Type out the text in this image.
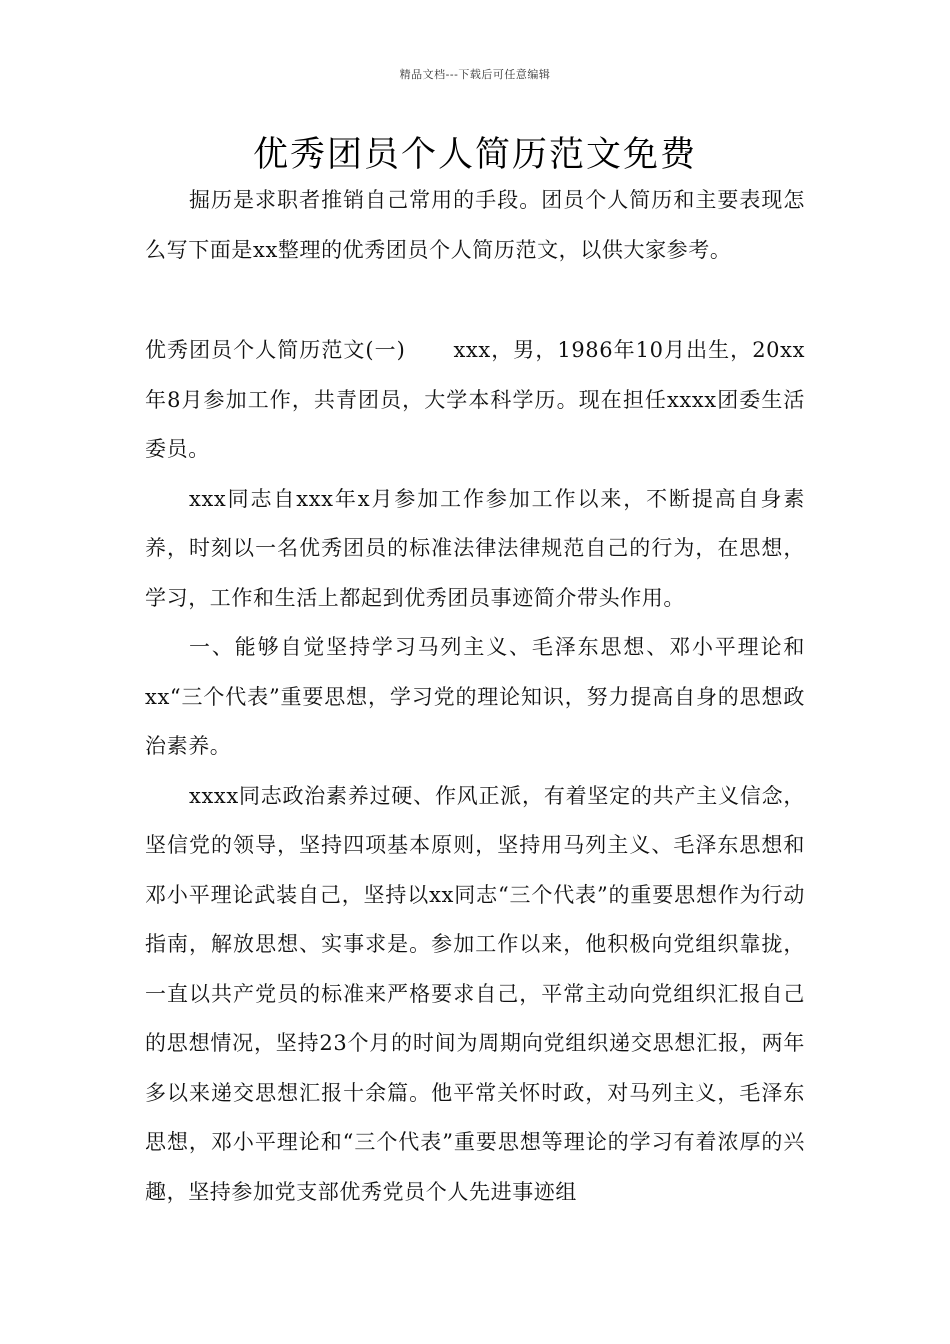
精品文档---下载后可任意编辑
优秀团员个人简历范文免费

掘历是求职者推销自己常用的手段。团员个人简历和主要表现怎么写下面是xx整理的优秀团员个人简历范文，以供大家参考。

优秀团员个人简历范文(一) xxx，男，1986年10月出生，20xx年8月参加工作，共青团员，大学本科学历。现在担任xxxx团委生活委员。

xxx同志自xxx年x月参加工作参加工作以来，不断提高自身素养，时刻以一名优秀团员的标准法律法律规范自己的行为，在思想，学习，工作和生活上都起到优秀团员事迹简介带头作用。

一、能够自觉坚持学习马列主义、毛泽东思想、邓小平理论和xx“三个代表”重要思想，学习党的理论知识，努力提高自身的思想政治素养。

xxxx同志政治素养过硬、作风正派，有着坚定的共产主义信念，坚信党的领导，坚持四项基本原则，坚持用马列主义、毛泽东思想和邓小平理论武装自己，坚持以xx同志“三个代表”的重要思想作为行动指南，解放思想、实事求是。参加工作以来，他积极向党组织靠拢，一直以共产党员的标准来严格要求自己，平常主动向党组织汇报自己的思想情况，坚持23个月的时间为周期向党组织递交思想汇报，两年多以来递交思想汇报十余篇。他平常关怀时政，对马列主义，毛泽东思想，邓小平理论和“三个代表”重要思想等理论的学习有着浓厚的兴趣，坚持参加党支部优秀党员个人先进事迹组
